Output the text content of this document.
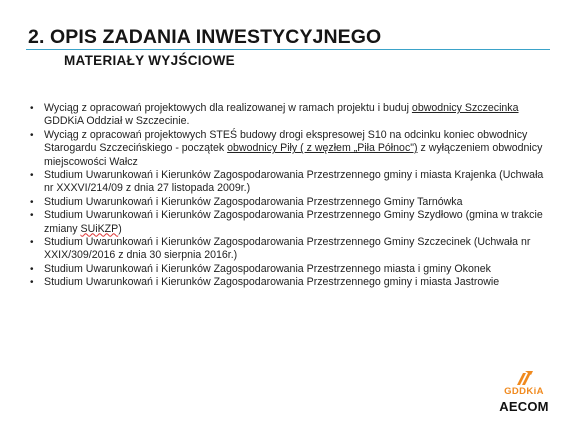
2. OPIS ZADANIA INWESTYCYJNEGO
MATERIAŁY WYJŚCIOWE
• Wyciąg z opracowań projektowych dla realizowanej w ramach projektu i buduj obwodnicy Szczecinka GDDKiA Oddział w Szczecinie.
• Wyciąg z opracowań projektowych STEŚ budowy drogi ekspresowej S10 na odcinku koniec obwodnicy Starogardu Szczecińskiego - początek obwodnicy Piły ( z węzłem „Piła Północ") z wyłączeniem obwodnicy miejscowości Wałcz
• Studium Uwarunkowań i Kierunków Zagospodarowania Przestrzennego gminy i miasta Krajenka (Uchwała nr XXXVI/214/09 z dnia 27 listopada 2009r.)
• Studium Uwarunkowań i Kierunków Zagospodarowania Przestrzennego Gminy Tarnówka
• Studium Uwarunkowań i Kierunków Zagospodarowania Przestrzennego Gminy Szydłowo (gmina w trakcie zmiany SUiKZP)
• Studium Uwarunkowań i Kierunków Zagospodarowania Przestrzennego Gminy Szczecinek (Uchwała nr XXIX/309/2016 z dnia 30 sierpnia 2016r.)
• Studium Uwarunkowań i Kierunków Zagospodarowania Przestrzennego miasta i gminy Okonek
• Studium Uwarunkowań i Kierunków Zagospodarowania Przestrzennego gminy i miasta Jastrowie
GDDKiA
AECOM
